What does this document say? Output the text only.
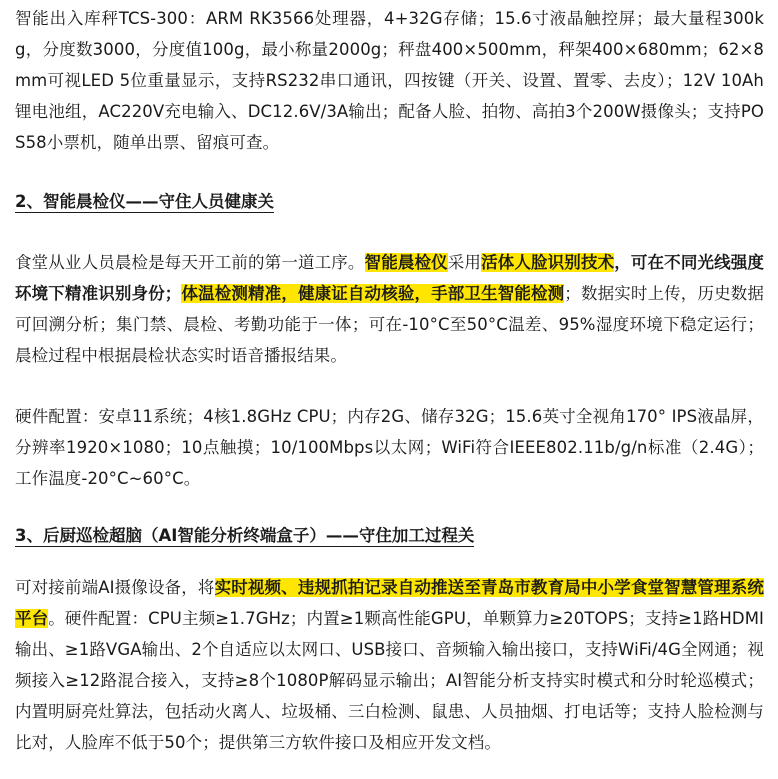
智能出入库秤TCS-300：ARM RK3566处理器，4+32G存储；15.6寸液晶触控屏；最大量程300kg，分度数3000，分度值100g，最小称量2000g；秤盘400×500mm，秤架400×680mm；62×8mm可视LED 5位重量显示，支持RS232串口通讯，四按键（开关、设置、置零、去皮）；12V 10Ah锂电池组，AC220V充电输入、DC12.6V/3A输出；配备人脸、拍物、高拍3个200W摄像头；支持POS58小票机，随单出票、留痕可查。

2、智能晨检仪——守住人员健康关

食堂从业人员晨检是每天开工前的第一道工序。智能晨检仪采用活体人脸识别技术，可在不同光线强度环境下精准识别身份；体温检测精准，健康证自动核验，手部卫生智能检测；数据实时上传，历史数据可回溯分析；集门禁、晨检、考勤功能于一体；可在-10°C至50°C温差、95%湿度环境下稳定运行；晨检过程中根据晨检状态实时语音播报结果。

硬件配置：安卓11系统；4核1.8GHz CPU；内存2G、储存32G；15.6英寸全视角170° IPS液晶屏，分辨率1920×1080；10点触摸；10/100Mbps以太网；WiFi符合IEEE802.11b/g/n标准（2.4G）；工作温度-20°C~60°C。

3、后厨巡检超脑（AI智能分析终端盒子）——守住加工过程关

可对接前端AI摄像设备，将实时视频、违规抓拍记录自动推送至青岛市教育局中小学食堂智慧管理系统平台。硬件配置：CPU主频≥1.7GHz；内置≥1颗高性能GPU，单颗算力≥20TOPS；支持≥1路HDMI输出、≥1路VGA输出、2个自适应以太网口、USB接口、音频输入输出接口，支持WiFi/4G全网通；视频接入≥12路混合接入，支持≥8个1080P解码显示输出；AI智能分析支持实时模式和分时轮巡模式；内置明厨亮灶算法，包括动火离人、垃圾桶、三白检测、鼠患、人员抽烟、打电话等；支持人脸检测与比对，人脸库不低于50个；提供第三方软件接口及相应开发文档。
